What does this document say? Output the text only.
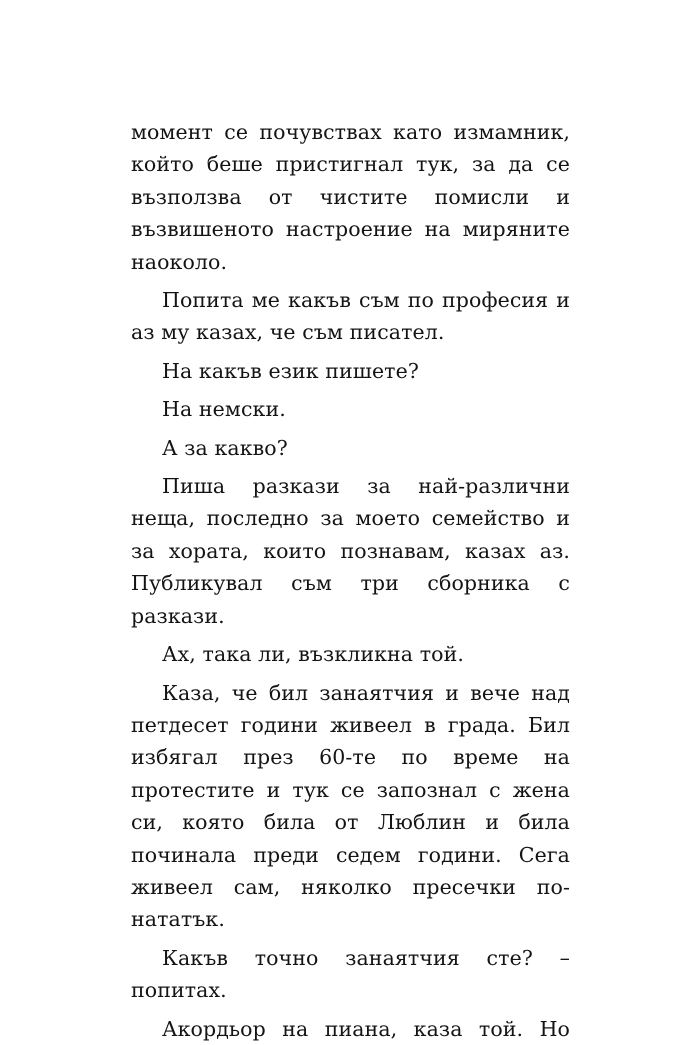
момент се почувствах като измамник, който беше пристигнал тук, за да се възползва от чистите помисли и възвишеното настроение на миряните наоколо.

Попита ме какъв съм по професия и аз му казах, че съм писател.

На какъв език пишете?

На немски.

А за какво?

Пиша разкази за най-различни неща, последно за моето семейство и за хората, които познавам, казах аз. Публикувал съм три сборника с разкази.

Ах, така ли, възкликна той.

Каза, че бил занаятчия и вече над петдесет години живеел в града. Бил избягал през 60-те по време на протестите и тук се запознал с жена си, която била от Люблин и била починала преди седем години. Сега живеел сам, няколко пресечки по-нататък.

Какъв точно занаятчия сте? – попитах.

Акордьор на пиана, каза той. Но
